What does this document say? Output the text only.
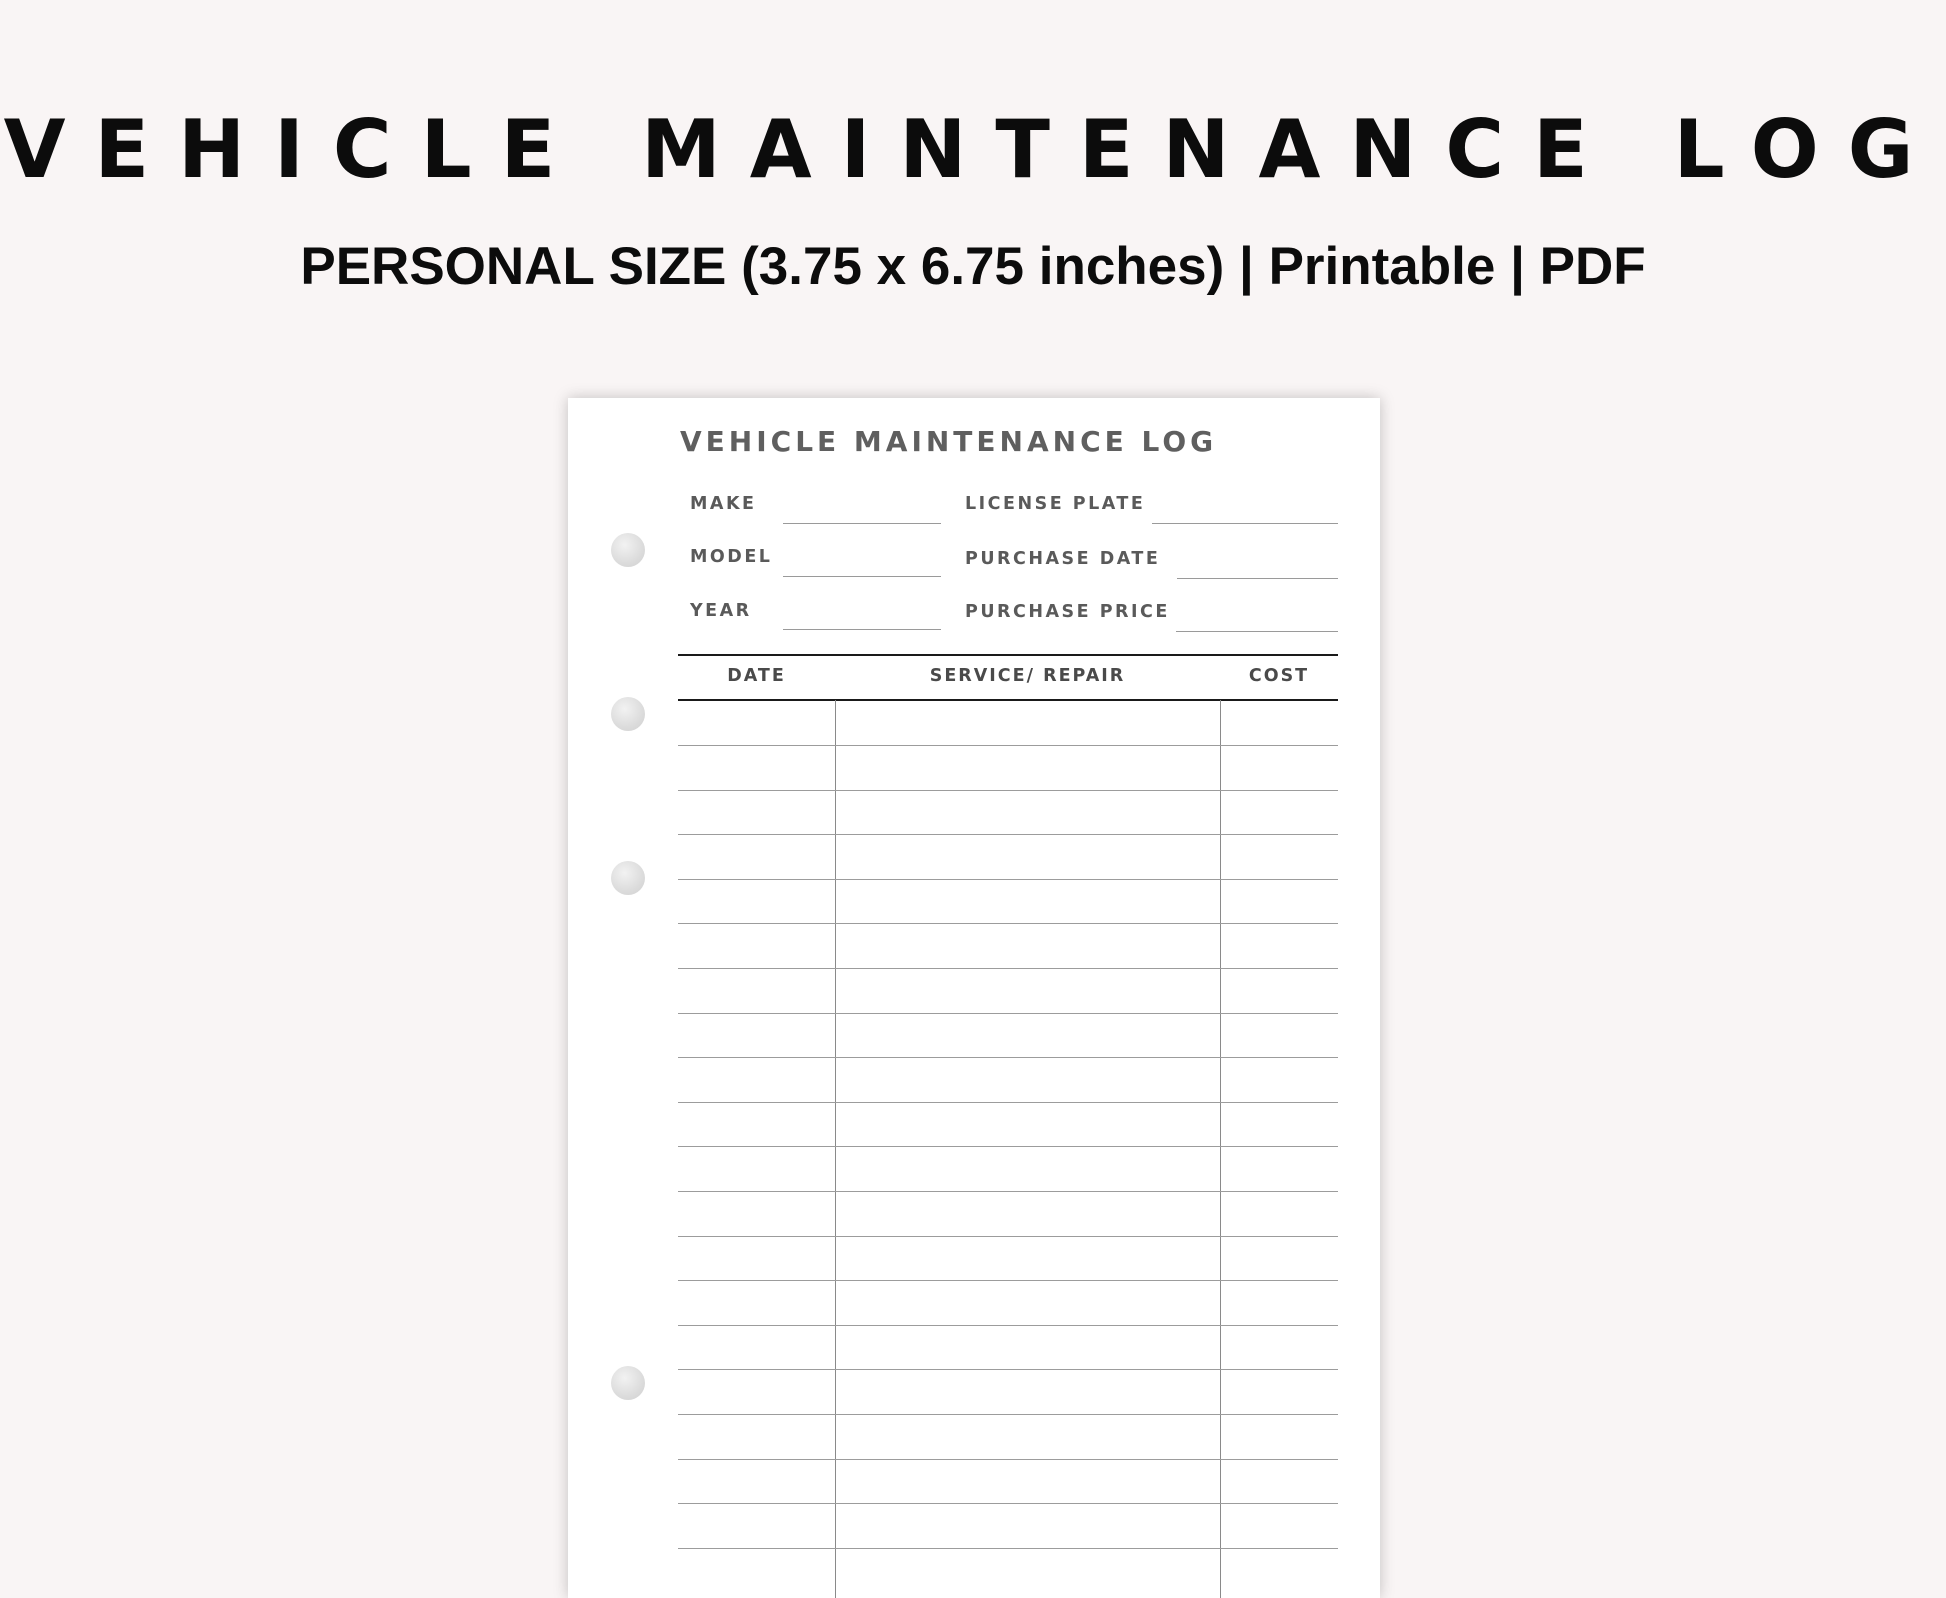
VEHICLE MAINTENANCE LOG

PERSONAL SIZE (3.75 x 6.75 inches) | Printable | PDF

VEHICLE MAINTENANCE LOG
MAKE
MODEL
YEAR
LICENSE PLATE
PURCHASE DATE
PURCHASE PRICE
DATE	SERVICE/ REPAIR	COST
